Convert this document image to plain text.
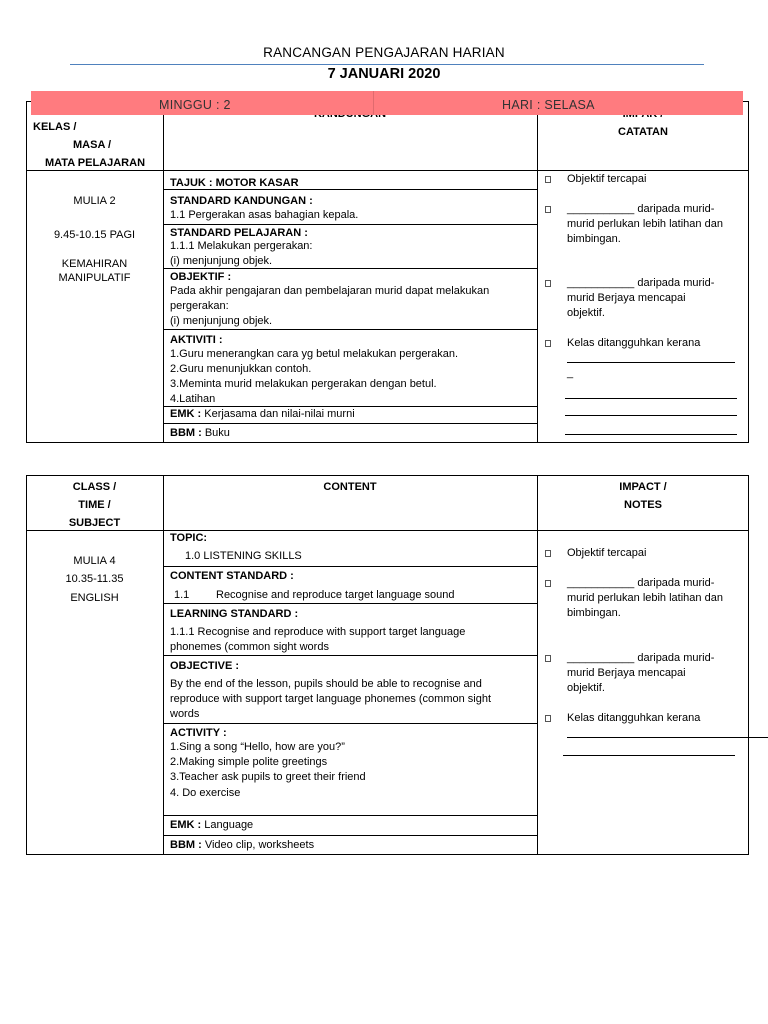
RANCANGAN PENGAJARAN HARIAN
7 JANUARI 2020
KELAS /
MASA /
MATA PELAJARAN
CATATAN
MULIA 2
9.45-10.15 PAGI
KEMAHIRAN
MANIPULATIF
TAJUK : MOTOR KASAR
STANDARD KANDUNGAN :
1.1 Pergerakan asas bahagian kepala.
STANDARD PELAJARAN :
1.1.1 Melakukan pergerakan:
(i) menjunjung objek.
OBJEKTIF :
Pada akhir pengajaran dan pembelajaran murid dapat melakukan
pergerakan:
(i) menjunjung objek.
AKTIVITI :
1.Guru menerangkan cara yg betul melakukan pergerakan.
2.Guru menunjukkan contoh.
3.Meminta murid melakukan pergerakan dengan betul.
4.Latihan
EMK : Kerjasama dan nilai-nilai murni
BBM : Buku
Objektif tercapai
___________ daripada murid-
murid perlukan lebih latihan dan
bimbingan.
___________ daripada murid-
murid Berjaya mencapai
objektif.
Kelas ditangguhkan kerana
_
MINGGU : 2	HARI : SELASA
CLASS /
TIME /
SUBJECT
CONTENT	IMPACT /
NOTES
MULIA 4
10.35-11.35
ENGLISH
TOPIC:
1.0 LISTENING SKILLS
CONTENT STANDARD :
1.1 Recognise and reproduce target language sound
LEARNING STANDARD :
1.1.1 Recognise and reproduce with support target language
phonemes (common sight words
OBJECTIVE :
By the end of the lesson, pupils should be able to recognise and
reproduce with support target language phonemes (common sight
words
ACTIVITY :
1.Sing a song “Hello, how are you?”
2.Making simple polite greetings
3.Teacher ask pupils to greet their friend
4. Do exercise
EMK : Language
BBM : Video clip, worksheets
Objektif tercapai
___________ daripada murid-
murid perlukan lebih latihan dan
bimbingan.
___________ daripada murid-
murid Berjaya mencapai
objektif.
Kelas ditangguhkan kerana
